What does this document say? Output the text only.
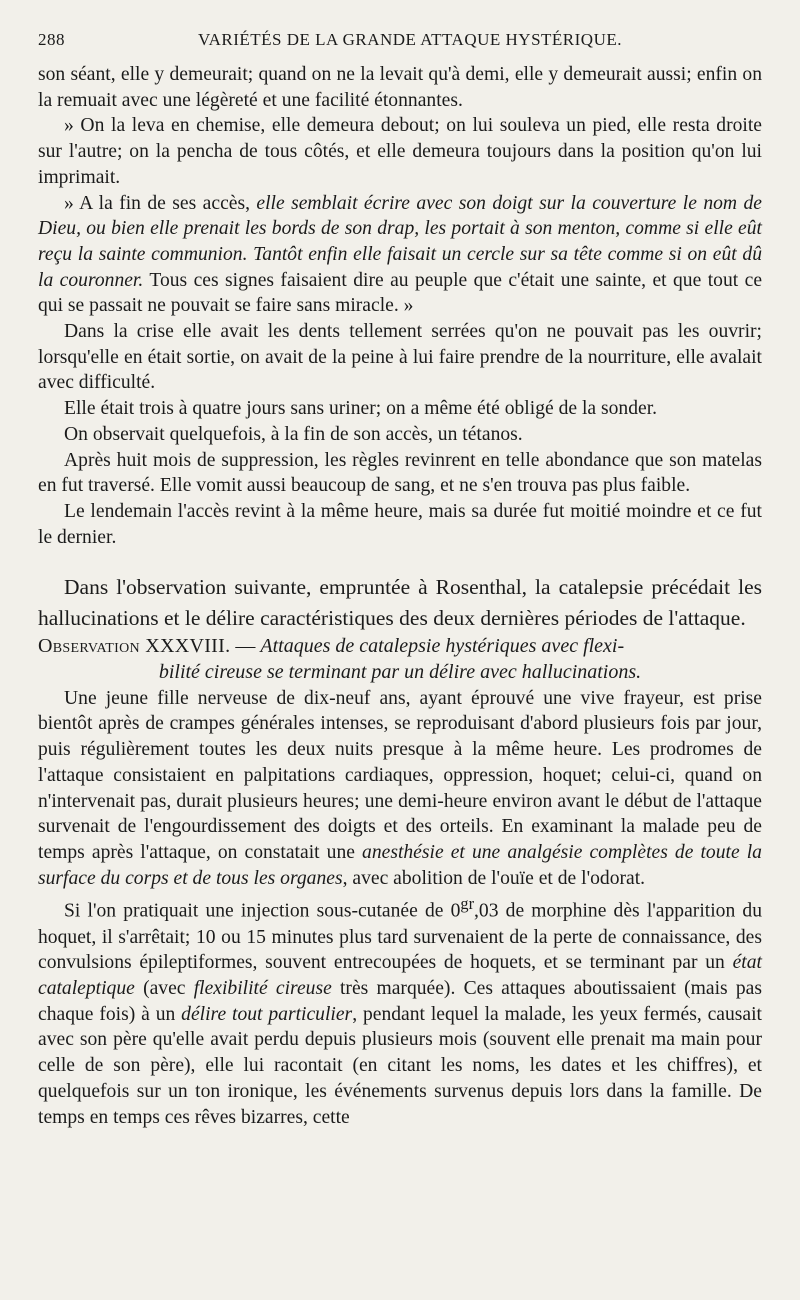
288	VARIÉTÉS DE LA GRANDE ATTAQUE HYSTÉRIQUE.

son séant, elle y demeurait; quand on ne la levait qu'à demi, elle y demeurait aussi; enfin on la remuait avec une légèreté et une facilité étonnantes.

» On la leva en chemise, elle demeura debout; on lui souleva un pied, elle resta droite sur l'autre; on la pencha de tous côtés, et elle demeura toujours dans la position qu'on lui imprimait.

» A la fin de ses accès, elle semblait écrire avec son doigt sur la couverture le nom de Dieu, ou bien elle prenait les bords de son drap, les portait à son menton, comme si elle eût reçu la sainte communion. Tantôt enfin elle faisait un cercle sur sa tête comme si on eût dû la couronner. Tous ces signes faisaient dire au peuple que c'était une sainte, et que tout ce qui se passait ne pouvait se faire sans miracle. »

Dans la crise elle avait les dents tellement serrées qu'on ne pouvait pas les ouvrir; lorsqu'elle en était sortie, on avait de la peine à lui faire prendre de la nourriture, elle avalait avec difficulté.

Elle était trois à quatre jours sans uriner; on a même été obligé de la sonder.

On observait quelquefois, à la fin de son accès, un tétanos.

Après huit mois de suppression, les règles revinrent en telle abondance que son matelas en fut traversé. Elle vomit aussi beaucoup de sang, et ne s'en trouva pas plus faible.

Le lendemain l'accès revint à la même heure, mais sa durée fut moitié moindre et ce fut le dernier.

Dans l'observation suivante, empruntée à Rosenthal, la catalepsie précédait les hallucinations et le délire caractéristiques des deux dernières périodes de l'attaque.

Observation XXXVIII. — Attaques de catalepsie hystériques avec flexi-
bilité cireuse se terminant par un délire avec hallucinations.

Une jeune fille nerveuse de dix-neuf ans, ayant éprouvé une vive frayeur, est prise bientôt après de crampes générales intenses, se reproduisant d'abord plusieurs fois par jour, puis régulièrement toutes les deux nuits presque à la même heure. Les prodromes de l'attaque consistaient en palpitations cardiaques, oppression, hoquet; celui-ci, quand on n'intervenait pas, durait plusieurs heures; une demi-heure environ avant le début de l'attaque survenait de l'engourdissement des doigts et des orteils. En examinant la malade peu de temps après l'attaque, on constatait une anesthésie et une analgésie complètes de toute la surface du corps et de tous les organes, avec abolition de l'ouïe et de l'odorat.

Si l'on pratiquait une injection sous-cutanée de $0^{gr},03$ de morphine dès l'apparition du hoquet, il s'arrêtait; 10 ou 15 minutes plus tard survenaient de la perte de connaissance, des convulsions épileptiformes, souvent entrecoupées de hoquets, et se terminant par un état cataleptique (avec flexibilité cireuse très marquée). Ces attaques aboutissaient (mais pas chaque fois) à un délire tout particulier, pendant lequel la malade, les yeux fermés, causait avec son père qu'elle avait perdu depuis plusieurs mois (souvent elle prenait ma main pour celle de son père), elle lui racontait (en citant les noms, les dates et les chiffres), et quelquefois sur un ton ironique, les événements survenus depuis lors dans la famille. De temps en temps ces rêves bizarres, cette
